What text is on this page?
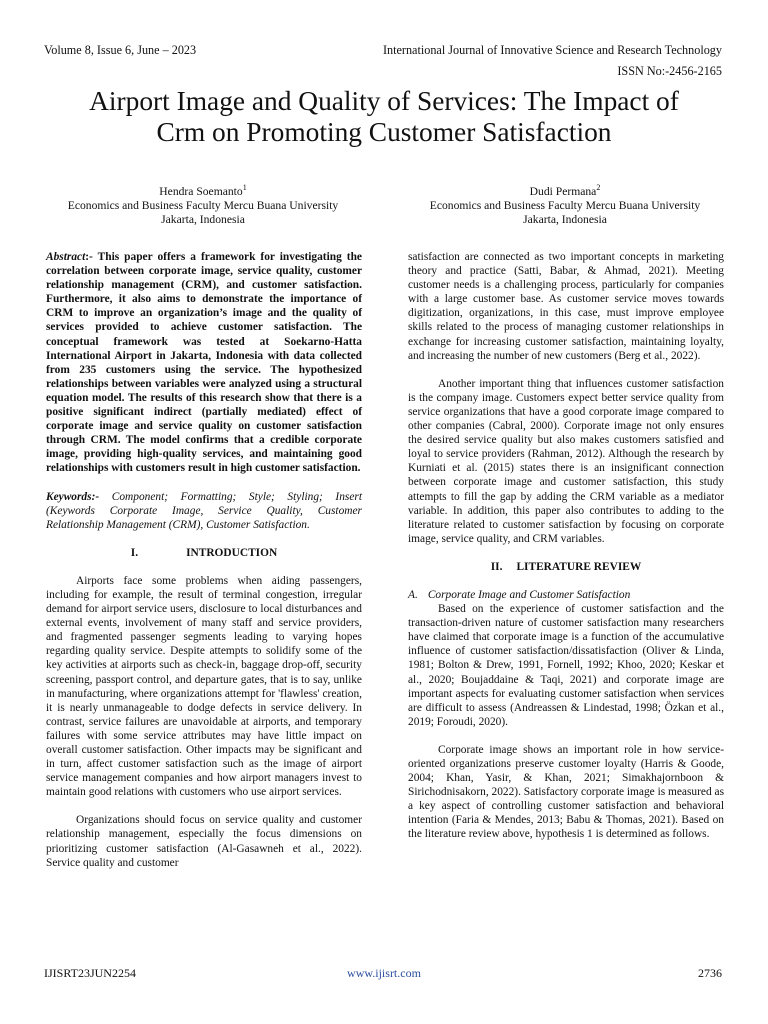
Volume 8, Issue 6, June – 2023	International Journal of Innovative Science and Research Technology
ISSN No:-2456-2165
Airport Image and Quality of Services: The Impact of
Crm on Promoting Customer Satisfaction
Hendra Soemanto$^1$
Economics and Business Faculty Mercu Buana University
Jakarta, Indonesia
Dudi Permana$^2$
Economics and Business Faculty Mercu Buana University
Jakarta, Indonesia

Abstract:- This paper offers a framework for investigating the correlation between corporate image, service quality, customer relationship management (CRM), and customer satisfaction. Furthermore, it also aims to demonstrate the importance of CRM to improve an organization’s image and the quality of services provided to achieve customer satisfaction. The conceptual framework was tested at Soekarno-Hatta International Airport in Jakarta, Indonesia with data collected from 235 customers using the service. The hypothesized relationships between variables were analyzed using a structural equation model. The results of this research show that there is a positive significant indirect (partially mediated) effect of corporate image and service quality on customer satisfaction through CRM. The model confirms that a credible corporate image, providing high-quality services, and maintaining good relationships with customers result in high customer satisfaction.

Keywords:- Component; Formatting; Style; Styling; Insert (Keywords Corporate Image, Service Quality, Customer Relationship Management (CRM), Customer Satisfaction.

I.	INTRODUCTION

Airports face some problems when aiding passengers, including for example, the result of terminal congestion, irregular demand for airport service users, disclosure to local disturbances and external events, involvement of many staff and service providers, and fragmented passenger segments leading to varying hopes regarding quality service. Despite attempts to solidify some of the key activities at airports such as check-in, baggage drop-off, security screening, passport control, and departure gates, that is to say, unlike in manufacturing, where organizations attempt for 'flawless' creation, it is nearly unmanageable to dodge defects in service delivery. In contrast, service failures are unavoidable at airports, and temporary failures with some service attributes may have little impact on overall customer satisfaction. Other impacts may be significant and in turn, affect customer satisfaction such as the image of airport service management companies and how airport managers invest to maintain good relations with customers who use airport services.

Organizations should focus on service quality and customer relationship management, especially the focus dimensions on prioritizing customer satisfaction (Al-Gasawneh et al., 2022). Service quality and customer

satisfaction are connected as two important concepts in marketing theory and practice (Satti, Babar, & Ahmad, 2021). Meeting customer needs is a challenging process, particularly for companies with a large customer base. As customer service moves towards digitization, organizations, in this case, must improve employee skills related to the process of managing customer relationships in exchange for increasing customer satisfaction, maintaining loyalty, and increasing the number of new customers (Berg et al., 2022).

Another important thing that influences customer satisfaction is the company image. Customers expect better service quality from service organizations that have a good corporate image compared to other companies (Cabral, 2000). Corporate image not only ensures the desired service quality but also makes customers satisfied and loyal to service providers (Rahman, 2012). Although the research by Kurniati et al. (2015) states there is an insignificant connection between corporate image and customer satisfaction, this study attempts to fill the gap by adding the CRM variable as a mediator variable. In addition, this paper also contributes to adding to the literature related to customer satisfaction by focusing on corporate image, service quality, and CRM variables.

II. LITERATURE REVIEW

A. Corporate Image and Customer Satisfaction

Based on the experience of customer satisfaction and the transaction-driven nature of customer satisfaction many researchers have claimed that corporate image is a function of the accumulative influence of customer satisfaction/dissatisfaction (Oliver & Linda, 1981; Bolton & Drew, 1991, Fornell, 1992; Khoo, 2020; Keskar et al., 2020; Boujaddaine & Taqi, 2021) and corporate image are important aspects for evaluating customer satisfaction when services are difficult to assess (Andreassen & Lindestad, 1998; Özkan et al., 2019; Foroudi, 2020).

Corporate image shows an important role in how service-oriented organizations preserve customer loyalty (Harris & Goode, 2004; Khan, Yasir, & Khan, 2021; Simakhajornboon & Sirichodnisakorn, 2022). Satisfactory corporate image is measured as a key aspect of controlling customer satisfaction and behavioral intention (Faria & Mendes, 2013; Babu & Thomas, 2021). Based on the literature review above, hypothesis 1 is determined as follows.

IJISRT23JUN2254	www.ijisrt.com	2736
